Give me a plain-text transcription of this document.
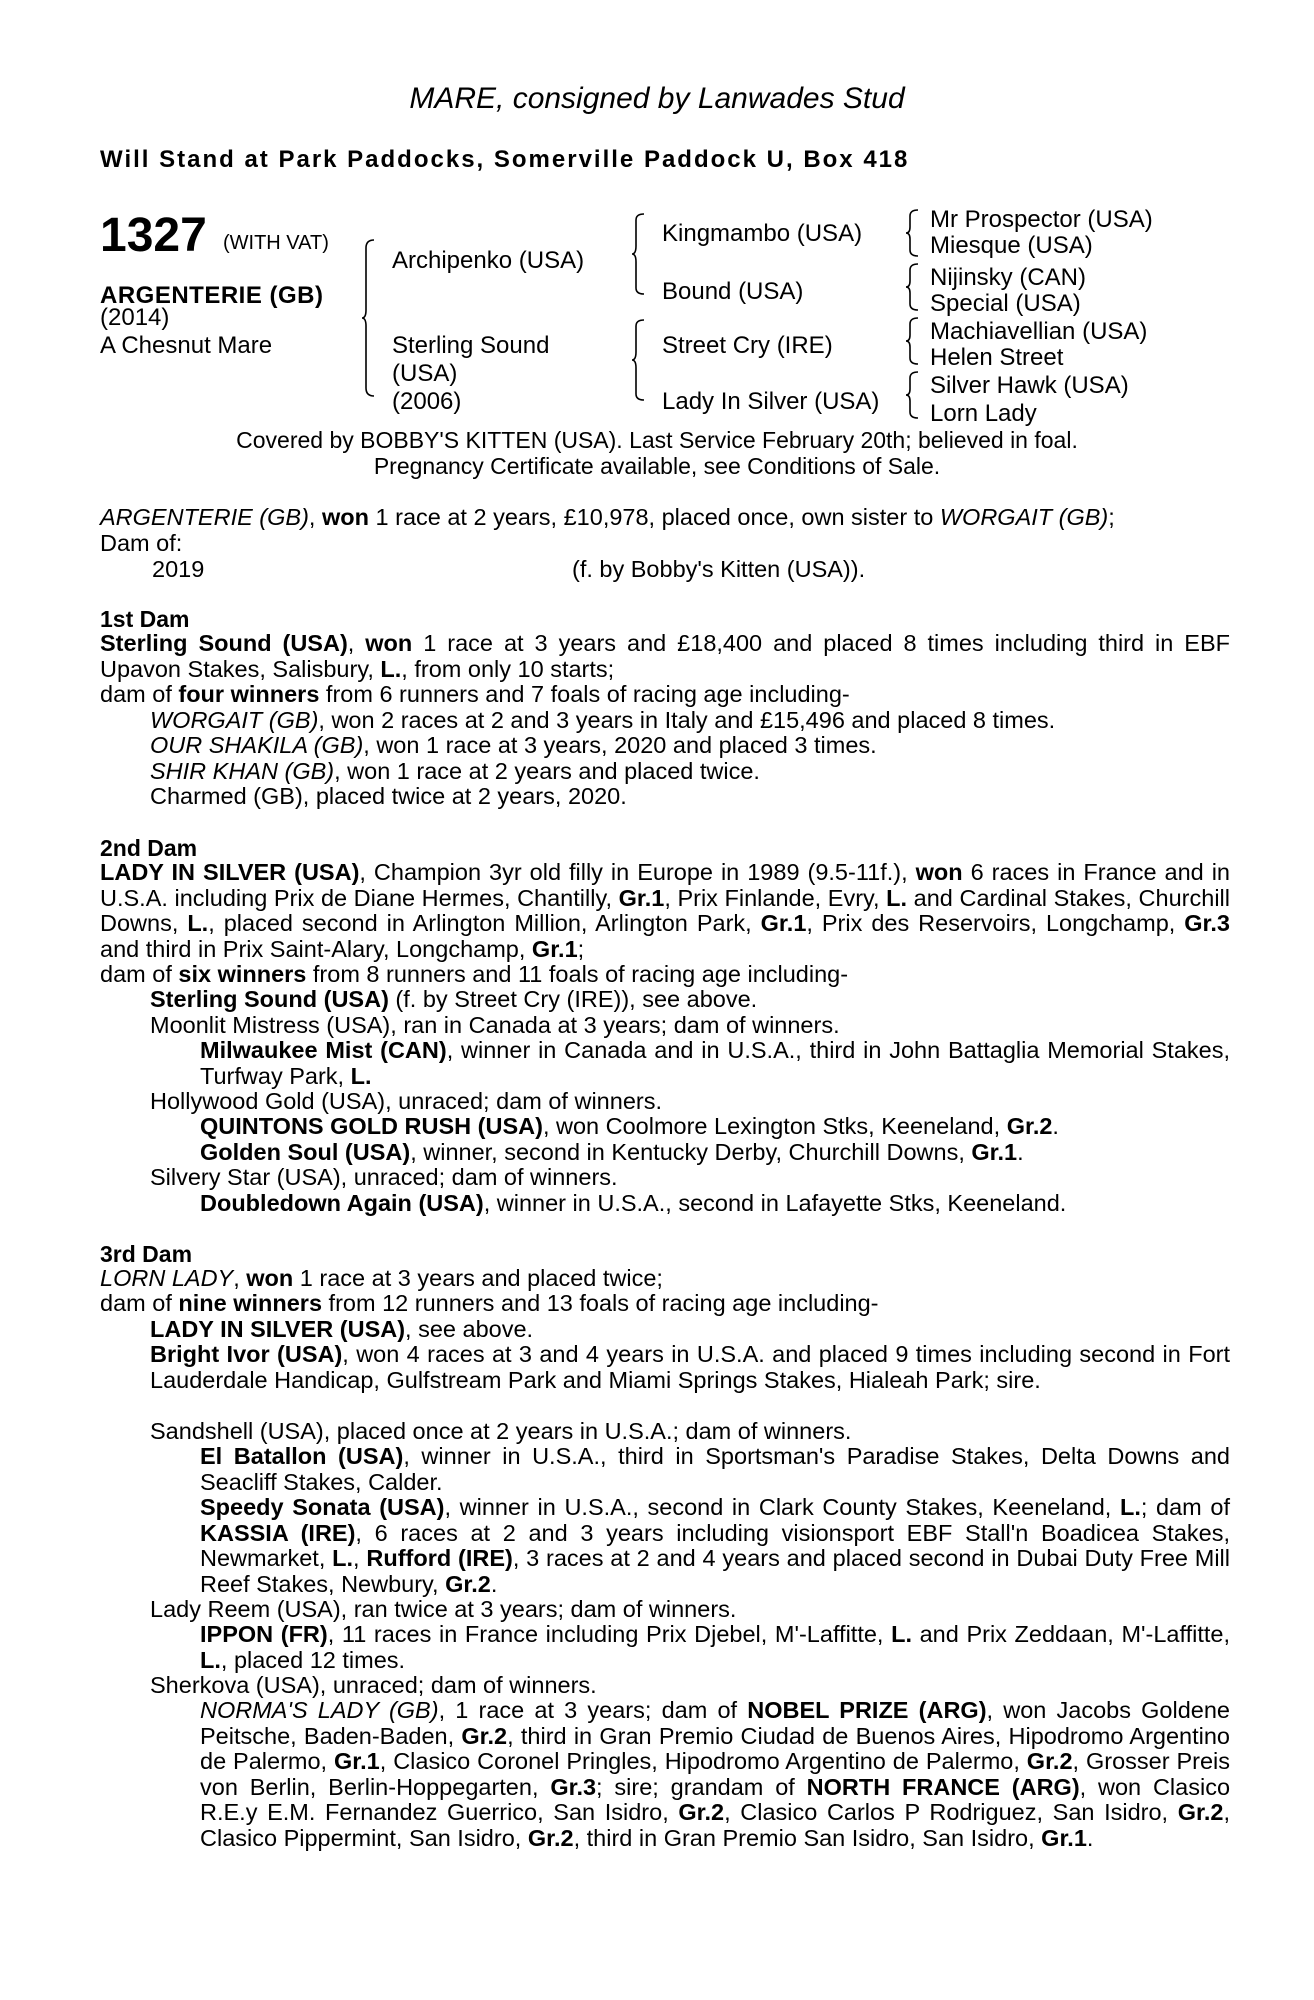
MARE, consigned by Lanwades Stud
Will Stand at Park Paddocks, Somerville Paddock U, Box 418
1327 (WITH VAT)
ARGENTERIE (GB)
(2014)
A Chesnut Mare
Archipenko (USA)
Sterling Sound
(USA)
(2006)
Kingmambo (USA)
Bound (USA)
Street Cry (IRE)
Lady In Silver (USA)
Mr Prospector (USA)
Miesque (USA)
Nijinsky (CAN)
Special (USA)
Machiavellian (USA)
Helen Street
Silver Hawk (USA)
Lorn Lady
Covered by BOBBY'S KITTEN (USA). Last Service February 20th; believed in foal.
Pregnancy Certificate available, see Conditions of Sale.
ARGENTERIE (GB), won 1 race at 2 years, £10,978, placed once, own sister to WORGAIT (GB);
Dam of:
2019	(f. by Bobby's Kitten (USA)).
1st Dam
Sterling Sound (USA), won 1 race at 3 years and £18,400 and placed 8 times including third in EBF Upavon Stakes, Salisbury, L., from only 10 starts;
dam of four winners from 6 runners and 7 foals of racing age including-
WORGAIT (GB), won 2 races at 2 and 3 years in Italy and £15,496 and placed 8 times.
OUR SHAKILA (GB), won 1 race at 3 years, 2020 and placed 3 times.
SHIR KHAN (GB), won 1 race at 2 years and placed twice.
Charmed (GB), placed twice at 2 years, 2020.
2nd Dam
LADY IN SILVER (USA), Champion 3yr old filly in Europe in 1989 (9.5-11f.), won 6 races in France and in U.S.A. including Prix de Diane Hermes, Chantilly, Gr.1, Prix Finlande, Evry, L. and Cardinal Stakes, Churchill Downs, L., placed second in Arlington Million, Arlington Park, Gr.1, Prix des Reservoirs, Longchamp, Gr.3 and third in Prix Saint-Alary, Longchamp, Gr.1;
dam of six winners from 8 runners and 11 foals of racing age including-
Sterling Sound (USA) (f. by Street Cry (IRE)), see above.
Moonlit Mistress (USA), ran in Canada at 3 years; dam of winners.
Milwaukee Mist (CAN), winner in Canada and in U.S.A., third in John Battaglia Memorial Stakes, Turfway Park, L.
Hollywood Gold (USA), unraced; dam of winners.
QUINTONS GOLD RUSH (USA), won Coolmore Lexington Stks, Keeneland, Gr.2.
Golden Soul (USA), winner, second in Kentucky Derby, Churchill Downs, Gr.1.
Silvery Star (USA), unraced; dam of winners.
Doubledown Again (USA), winner in U.S.A., second in Lafayette Stks, Keeneland.
3rd Dam
LORN LADY, won 1 race at 3 years and placed twice;
dam of nine winners from 12 runners and 13 foals of racing age including-
LADY IN SILVER (USA), see above.
Bright Ivor (USA), won 4 races at 3 and 4 years in U.S.A. and placed 9 times including second in Fort Lauderdale Handicap, Gulfstream Park and Miami Springs Stakes, Hialeah Park; sire.
Sandshell (USA), placed once at 2 years in U.S.A.; dam of winners.
El Batallon (USA), winner in U.S.A., third in Sportsman's Paradise Stakes, Delta Downs and Seacliff Stakes, Calder.
Speedy Sonata (USA), winner in U.S.A., second in Clark County Stakes, Keeneland, L.; dam of KASSIA (IRE), 6 races at 2 and 3 years including visionsport EBF Stall'n Boadicea Stakes, Newmarket, L., Rufford (IRE), 3 races at 2 and 4 years and placed second in Dubai Duty Free Mill Reef Stakes, Newbury, Gr.2.
Lady Reem (USA), ran twice at 3 years; dam of winners.
IPPON (FR), 11 races in France including Prix Djebel, M'-Laffitte, L. and Prix Zeddaan, M'-Laffitte, L., placed 12 times.
Sherkova (USA), unraced; dam of winners.
NORMA'S LADY (GB), 1 race at 3 years; dam of NOBEL PRIZE (ARG), won Jacobs Goldene Peitsche, Baden-Baden, Gr.2, third in Gran Premio Ciudad de Buenos Aires, Hipodromo Argentino de Palermo, Gr.1, Clasico Coronel Pringles, Hipodromo Argentino de Palermo, Gr.2, Grosser Preis von Berlin, Berlin-Hoppegarten, Gr.3; sire; grandam of NORTH FRANCE (ARG), won Clasico R.E.y E.M. Fernandez Guerrico, San Isidro, Gr.2, Clasico Carlos P Rodriguez, San Isidro, Gr.2, Clasico Pippermint, San Isidro, Gr.2, third in Gran Premio San Isidro, San Isidro, Gr.1.
